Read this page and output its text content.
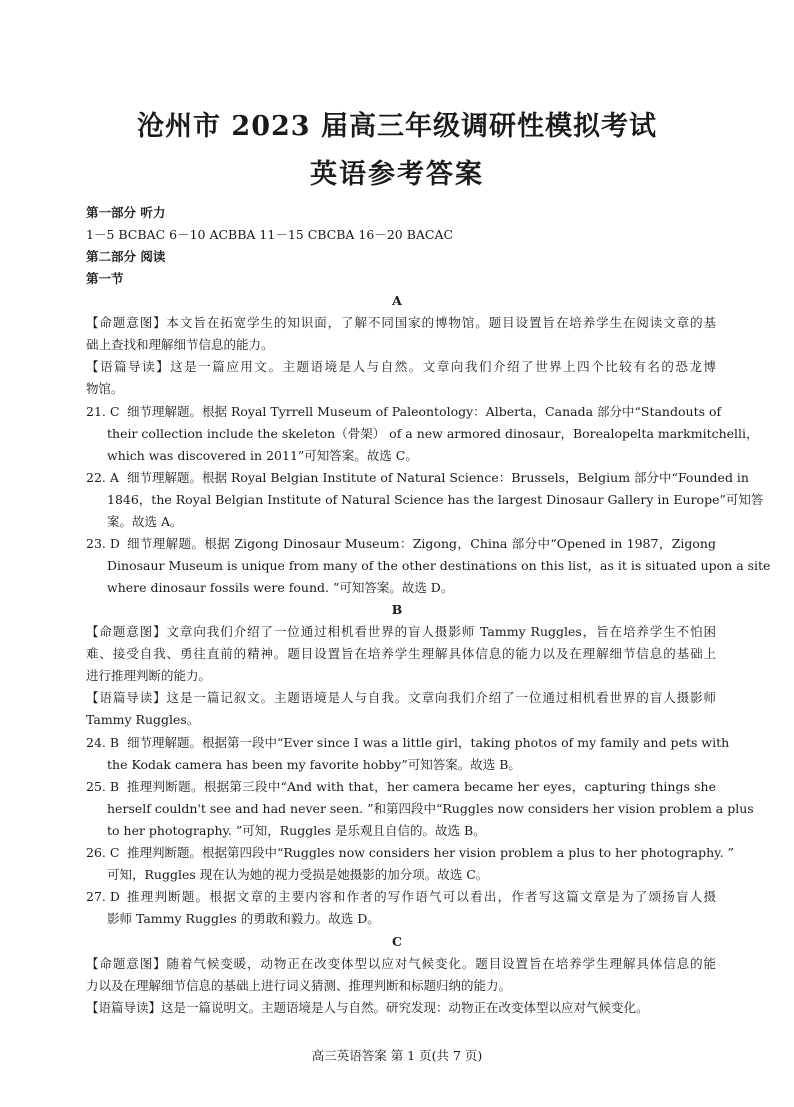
沧州市 2023 届高三年级调研性模拟考试
英语参考答案
第一部分 听力
1－5 BCBAC 6－10 ACBBA 11－15 CBCBA 16－20 BACAC
第二部分 阅读
第一节
A
【命题意图】本文旨在拓宽学生的知识面，了解不同国家的博物馆。题目设置旨在培养学生在阅读文章的基
础上查找和理解细节信息的能力。
【语篇导读】这是一篇应用文。主题语境是人与自然。文章向我们介绍了世界上四个比较有名的恐龙博
物馆。
21. C 细节理解题。根据 Royal Tyrrell Museum of Paleontology：Alberta，Canada 部分中“Standouts of
their collection include the skeleton（骨架） of a new armored dinosaur，Borealopelta markmitchelli，
which was discovered in 2011”可知答案。故选 C。
22. A 细节理解题。根据 Royal Belgian Institute of Natural Science：Brussels，Belgium 部分中“Founded in
1846，the Royal Belgian Institute of Natural Science has the largest Dinosaur Gallery in Europe”可知答
案。故选 A。
23. D 细节理解题。根据 Zigong Dinosaur Museum：Zigong，China 部分中“Opened in 1987，Zigong
Dinosaur Museum is unique from many of the other destinations on this list，as it is situated upon a site
where dinosaur fossils were found. ”可知答案。故选 D。
B
【命题意图】文章向我们介绍了一位通过相机看世界的盲人摄影师 Tammy Ruggles，旨在培养学生不怕困
难、接受自我、勇往直前的精神。题目设置旨在培养学生理解具体信息的能力以及在理解细节信息的基础上
进行推理判断的能力。
【语篇导读】这是一篇记叙文。主题语境是人与自我。文章向我们介绍了一位通过相机看世界的盲人摄影师
Tammy Ruggles。
24. B 细节理解题。根据第一段中“Ever since I was a little girl，taking photos of my family and pets with
the Kodak camera has been my favorite hobby”可知答案。故选 B。
25. B 推理判断题。根据第三段中“And with that，her camera became her eyes，capturing things she
herself couldn't see and had never seen. ”和第四段中“Ruggles now considers her vision problem a plus
to her photography. ”可知，Ruggles 是乐观且自信的。故选 B。
26. C 推理判断题。根据第四段中“Ruggles now considers her vision problem a plus to her photography. ”
可知，Ruggles 现在认为她的视力受损是她摄影的加分项。故选 C。
27. D 推理判断题。根据文章的主要内容和作者的写作语气可以看出，作者写这篇文章是为了颂扬盲人摄
影师 Tammy Ruggles 的勇敢和毅力。故选 D。
C
【命题意图】随着气候变暖，动物正在改变体型以应对气候变化。题目设置旨在培养学生理解具体信息的能
力以及在理解细节信息的基础上进行词义猜测、推理判断和标题归纳的能力。
【语篇导读】这是一篇说明文。主题语境是人与自然。研究发现：动物正在改变体型以应对气候变化。
高三英语答案 第 1 页(共 7 页)
